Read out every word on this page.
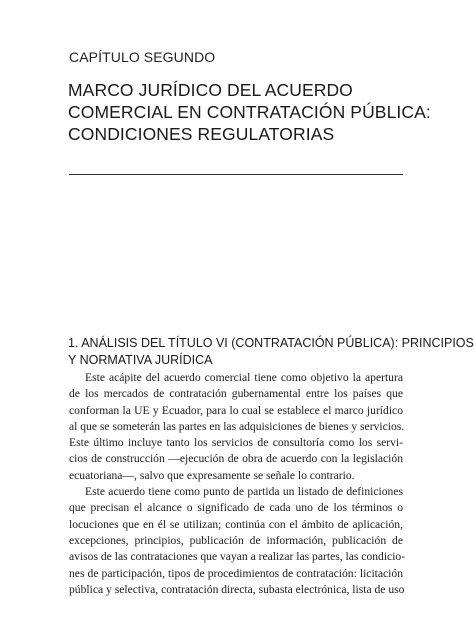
CAPÍTULO SEGUNDO
MARCO JURÍDICO DEL ACUERDO
COMERCIAL EN CONTRATACIÓN PÚBLICA:
CONDICIONES REGULATORIAS
1. ANÁLISIS DEL TÍTULO VI (CONTRATACIÓN PÚBLICA): PRINCIPIOS
Y NORMATIVA JURÍDICA
Este acápite del acuerdo comercial tiene como objetivo la apertura
de los mercados de contratación gubernamental entre los países que
conforman la UE y Ecuador, para lo cual se establece el marco jurídico
al que se someterán las partes en las adquisiciones de bienes y servicios.
Este último incluye tanto los servicios de consultoría como los servi-
cios de construcción —ejecución de obra de acuerdo con la legislación
ecuatoriana—, salvo que expresamente se señale lo contrario.
Este acuerdo tiene como punto de partida un listado de definiciones
que precisan el alcance o significado de cada uno de los términos o
locuciones que en él se utilizan; continúa con el ámbito de aplicación,
excepciones, principios, publicación de información, publicación de
avisos de las contrataciones que vayan a realizar las partes, las condicio-
nes de participación, tipos de procedimientos de contratación: licitación
pública y selectiva, contratación directa, subasta electrónica, lista de uso
